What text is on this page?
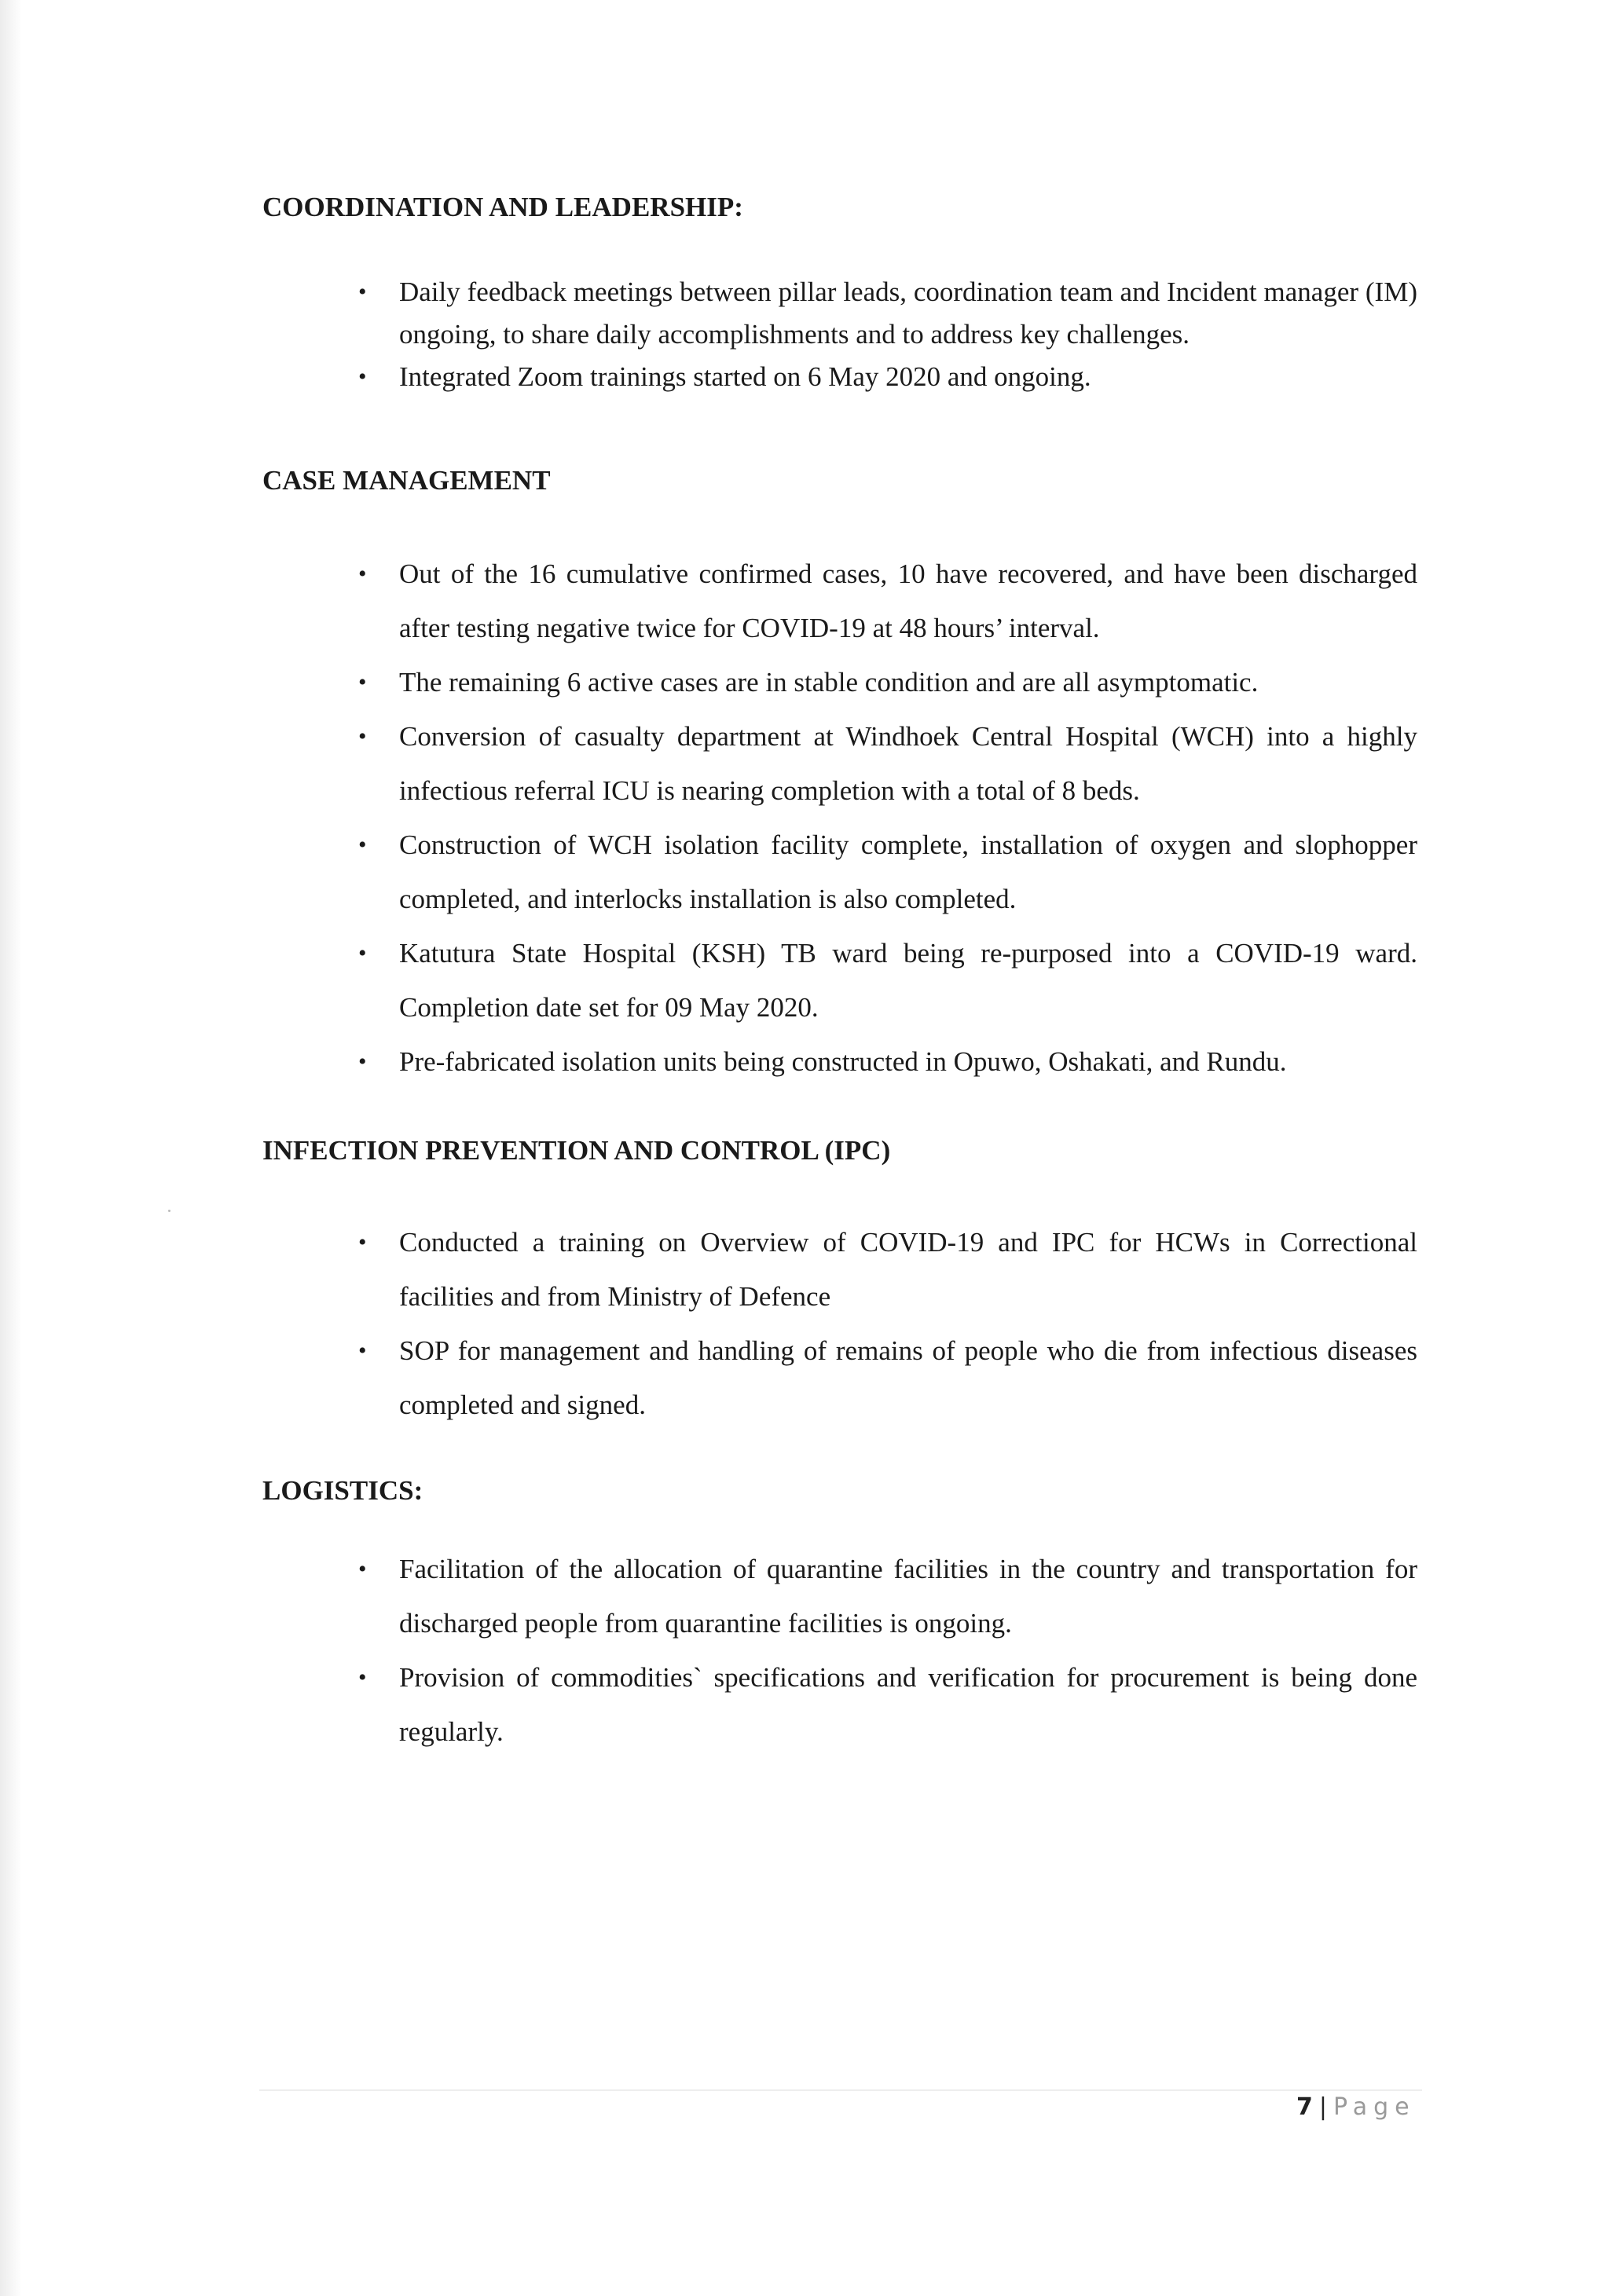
COORDINATION AND LEADERSHIP:
• Daily feedback meetings between pillar leads, coordination team and Incident manager (IM) ongoing, to share daily accomplishments and to address key challenges.
• Integrated Zoom trainings started on 6 May 2020 and ongoing.
CASE MANAGEMENT
• Out of the 16 cumulative confirmed cases, 10 have recovered, and have been discharged after testing negative twice for COVID-19 at 48 hours’ interval.
• The remaining 6 active cases are in stable condition and are all asymptomatic.
• Conversion of casualty department at Windhoek Central Hospital (WCH) into a highly infectious referral ICU is nearing completion with a total of 8 beds.
• Construction of WCH isolation facility complete, installation of oxygen and slophopper completed, and interlocks installation is also completed.
• Katutura State Hospital (KSH) TB ward being re-purposed into a COVID-19 ward. Completion date set for 09 May 2020.
• Pre-fabricated isolation units being constructed in Opuwo, Oshakati, and Rundu.
INFECTION PREVENTION AND CONTROL (IPC)
• Conducted a training on Overview of COVID-19 and IPC for HCWs in Correctional facilities and from Ministry of Defence
• SOP for management and handling of remains of people who die from infectious diseases completed and signed.
LOGISTICS:
• Facilitation of the allocation of quarantine facilities in the country and transportation for discharged people from quarantine facilities is ongoing.
• Provision of commodities` specifications and verification for procurement is being done regularly.
7 | Page
